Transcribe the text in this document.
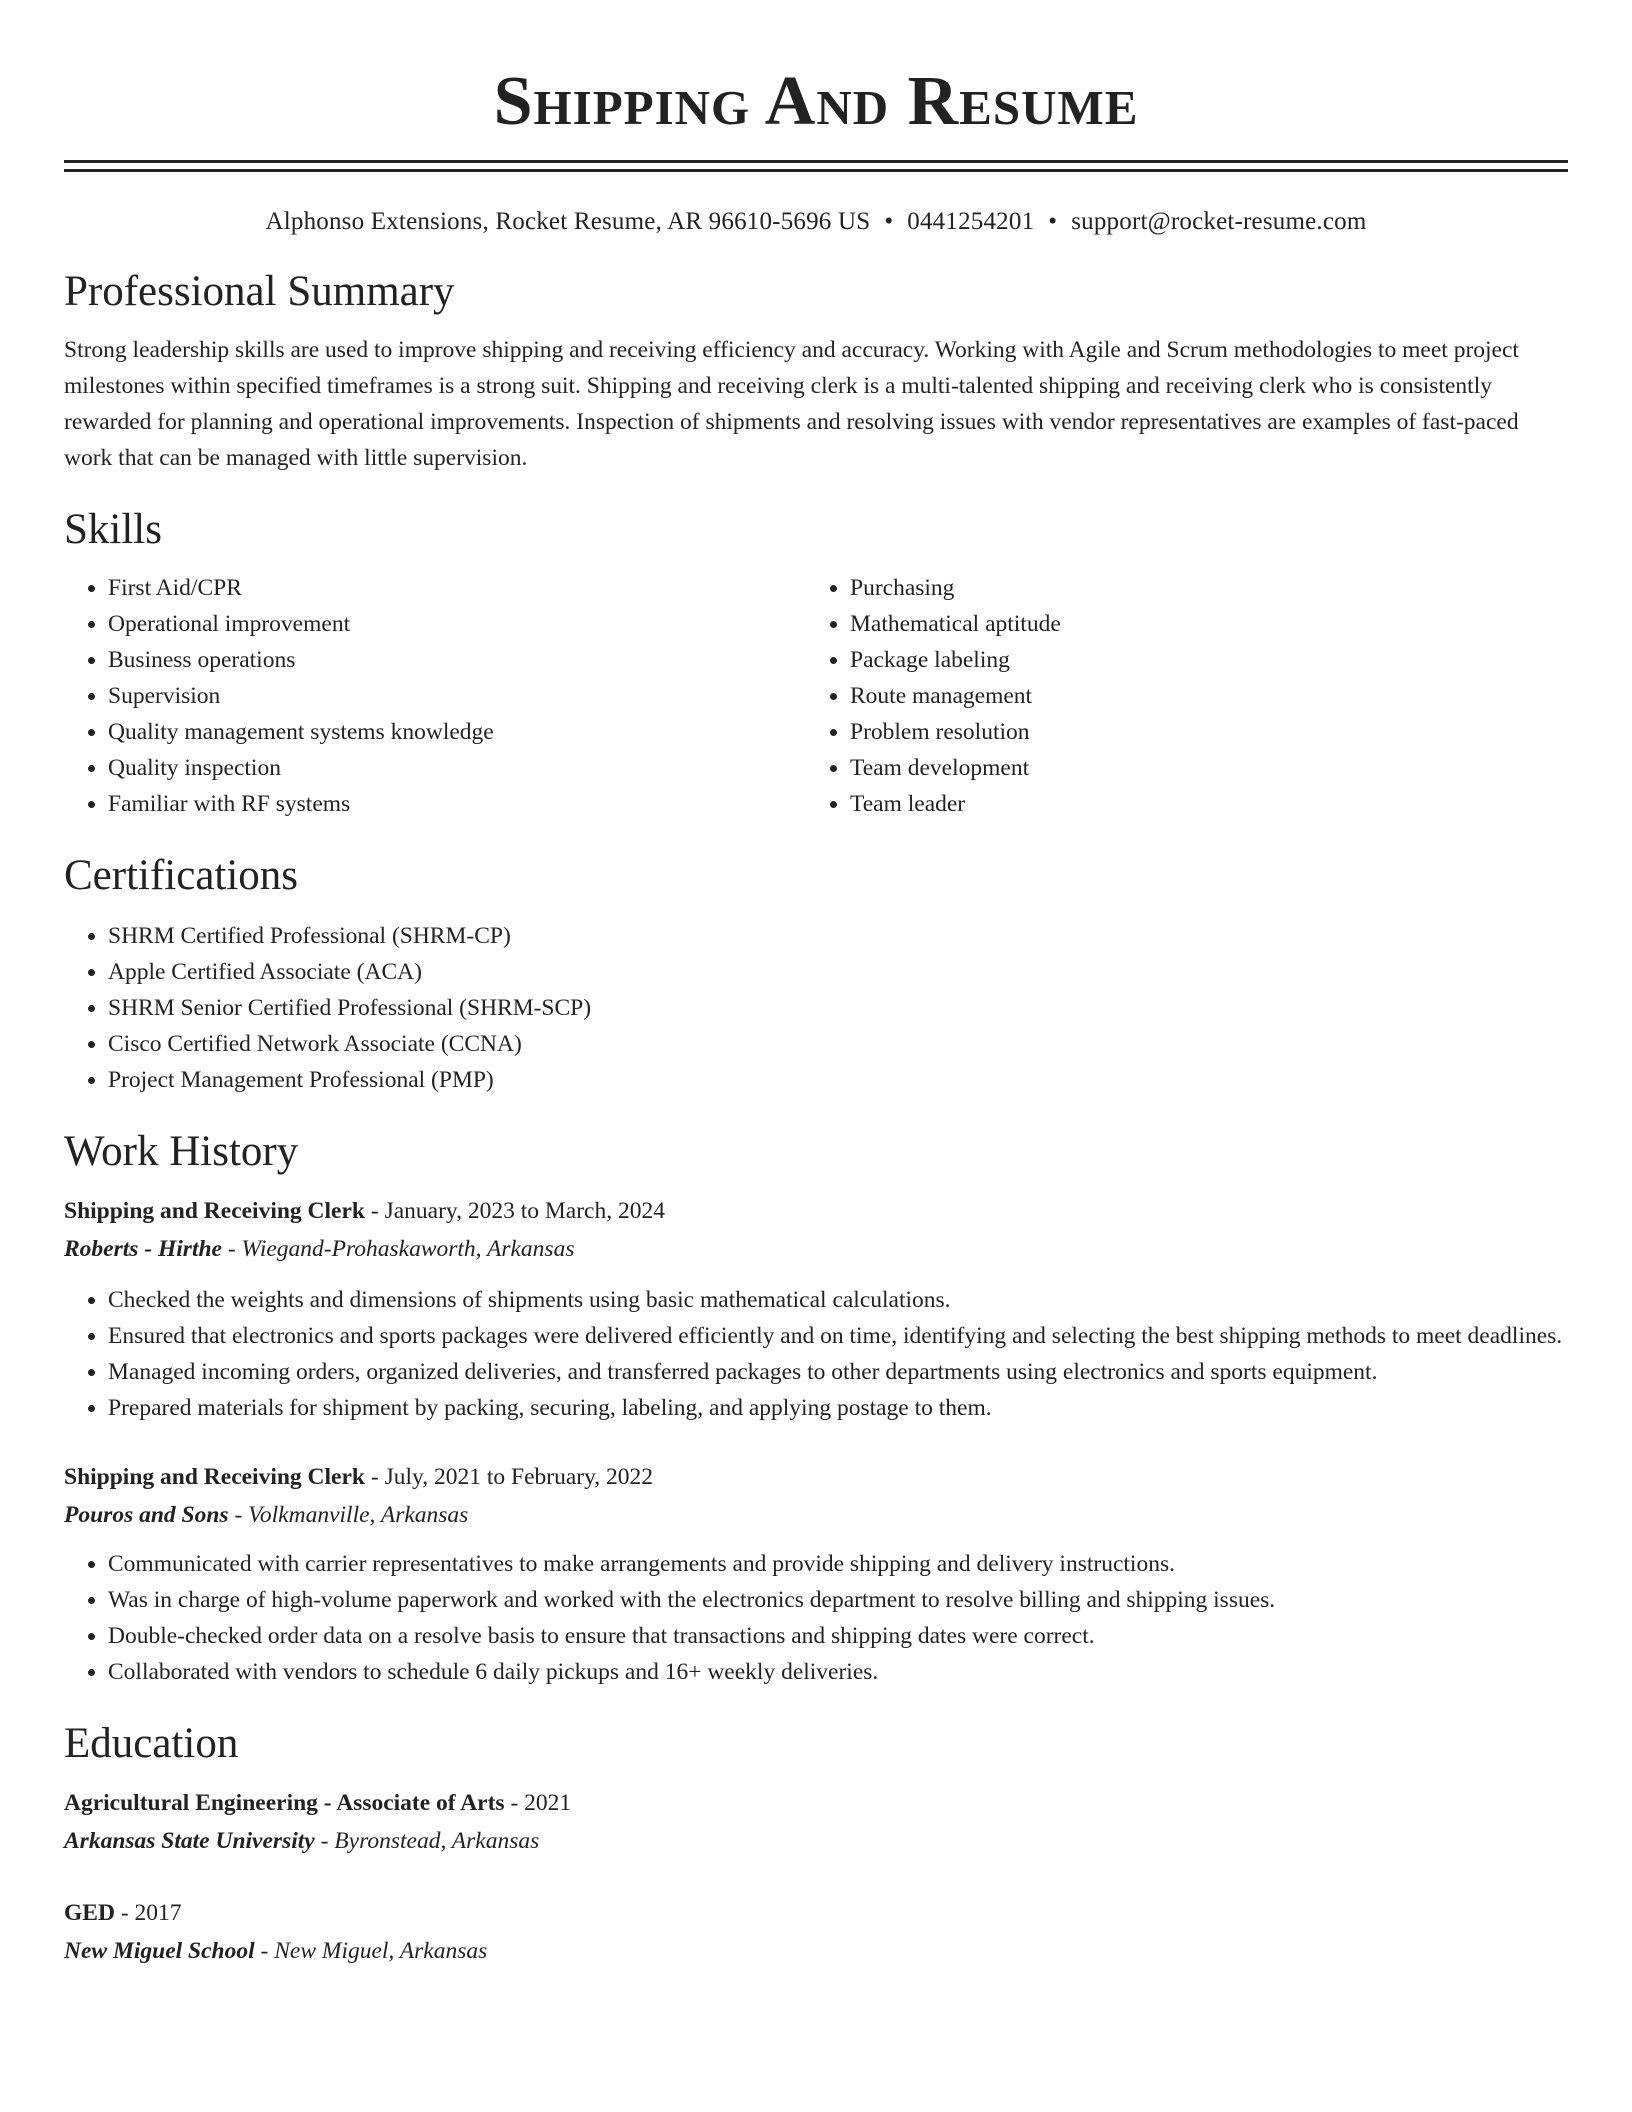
Shipping And Resume
Alphonso Extensions, Rocket Resume, AR 96610-5696 US • 0441254201 • support@rocket-resume.com
Professional Summary

Strong leadership skills are used to improve shipping and receiving efficiency and accuracy. Working with Agile and Scrum methodologies to meet project milestones within specified timeframes is a strong suit. Shipping and receiving clerk is a multi-talented shipping and receiving clerk who is consistently rewarded for planning and operational improvements. Inspection of shipments and resolving issues with vendor representatives are examples of fast-paced work that can be managed with little supervision.

Skills
• First Aid/CPR
• Operational improvement
• Business operations
• Supervision
• Quality management systems knowledge
• Quality inspection
• Familiar with RF systems
• Purchasing
• Mathematical aptitude
• Package labeling
• Route management
• Problem resolution
• Team development
• Team leader
Certifications
• SHRM Certified Professional (SHRM-CP)
• Apple Certified Associate (ACA)
• SHRM Senior Certified Professional (SHRM-SCP)
• Cisco Certified Network Associate (CCNA)
• Project Management Professional (PMP)
Work History

Shipping and Receiving Clerk - January, 2023 to March, 2024

Roberts - Hirthe - Wiegand-Prohaskaworth, Arkansas

• Checked the weights and dimensions of shipments using basic mathematical calculations.
• Ensured that electronics and sports packages were delivered efficiently and on time, identifying and selecting the best shipping methods to meet deadlines.
• Managed incoming orders, organized deliveries, and transferred packages to other departments using electronics and sports equipment.
• Prepared materials for shipment by packing, securing, labeling, and applying postage to them.

Shipping and Receiving Clerk - July, 2021 to February, 2022

Pouros and Sons - Volkmanville, Arkansas

• Communicated with carrier representatives to make arrangements and provide shipping and delivery instructions.
• Was in charge of high-volume paperwork and worked with the electronics department to resolve billing and shipping issues.
• Double-checked order data on a resolve basis to ensure that transactions and shipping dates were correct.
• Collaborated with vendors to schedule 6 daily pickups and 16+ weekly deliveries.
Education

Agricultural Engineering - Associate of Arts - 2021

Arkansas State University - Byronstead, Arkansas

GED - 2017

New Miguel School - New Miguel, Arkansas
